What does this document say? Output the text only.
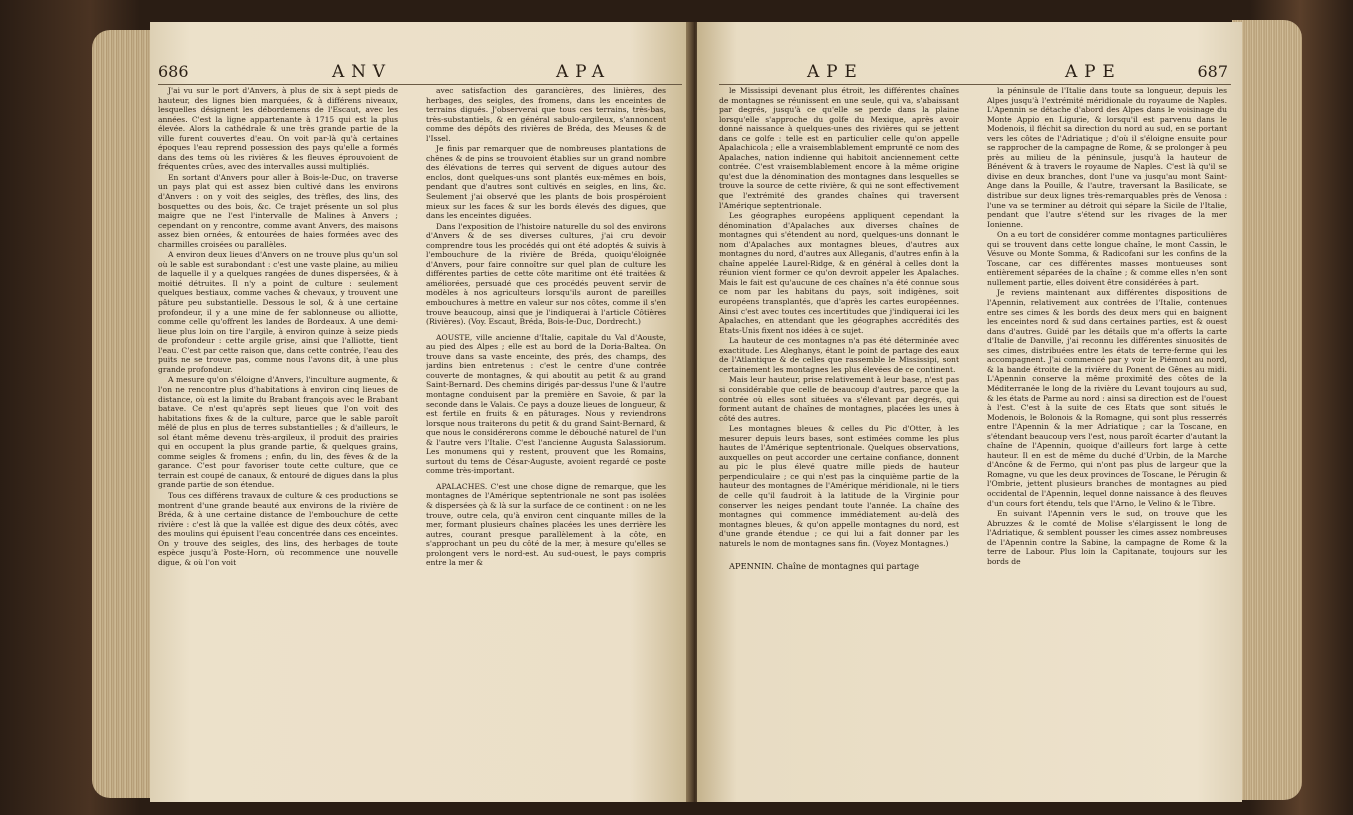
686	ANV	APA

J'ai vu sur le port d'Anvers, à plus de six à sept pieds de hauteur, des lignes bien marquées, & à différens niveaux, lesquelles désignent les débordemens de l'Escaut, avec les années. C'est la ligne appartenante à 1715 qui est la plus élevée. Alors la cathédrale & une très grande partie de la ville furent couvertes d'eau. On voit par-là qu'à certaines époques l'eau reprend possession des pays qu'elle a formés dans des tems où les rivières & les fleuves éprouvoient de fréquentes crûes, avec des intervalles aussi multipliés.

En sortant d'Anvers pour aller à Bois-le-Duc, on traverse un pays plat qui est assez bien cultivé dans les environs d'Anvers : on y voit des seigles, des trèfles, des lins, des bosquettes ou des bois, &c. Ce trajet présente un sol plus maigre que ne l'est l'intervalle de Malines à Anvers ; cependant on y rencontre, comme avant Anvers, des maisons assez bien ornées, & entourées de haies formées avec des charmilles croisées ou parallèles.

A environ deux lieues d'Anvers on ne trouve plus qu'un sol où le sable est surabondant : c'est une vaste plaine, au milieu de laquelle il y a quelques rangées de dunes dispersées, & à moitié détruites. Il n'y a point de culture : seulement quelques bestiaux, comme vaches & chevaux, y trouvent une pâture peu substantielle. Dessous le sol, & à une certaine profondeur, il y a une mine de fer sablonneuse ou alliotte, comme celle qu'offrent les landes de Bordeaux. A une demi-lieue plus loin on tire l'argile, à environ quinze à seize pieds de profondeur : cette argile grise, ainsi que l'alliotte, tient l'eau. C'est par cette raison que, dans cette contrée, l'eau des puits ne se trouve pas, comme nous l'avons dit, à une plus grande profondeur.

A mesure qu'on s'éloigne d'Anvers, l'inculture augmente, & l'on ne rencontre plus d'habitations à environ cinq lieues de distance, où est la limite du Brabant françois avec le Brabant batave. Ce n'est qu'après sept lieues que l'on voit des habitations fixes & de la culture, parce que le sable paroît mêlé de plus en plus de terres substantielles ; & d'ailleurs, le sol étant même devenu très-argileux, il produit des prairies qui en occupent la plus grande partie, & quelques grains, comme seigles & fromens ; enfin, du lin, des fèves & de la garance. C'est pour favoriser toute cette culture, que ce terrain est coupé de canaux, & entouré de digues dans la plus grande partie de son étendue.

Tous ces différens travaux de culture & ces productions se montrent d'une grande beauté aux environs de la rivière de Bréda, & à une certaine distance de l'embouchure de cette rivière : c'est là que la vallée est digue des deux côtés, avec des moulins qui épuisent l'eau concentrée dans ces enceintes. On y trouve des seigles, des lins, des herbages de toute espèce jusqu'à Poste-Horn, où recommence une nouvelle digue, & où l'on voit

avec satisfaction des garancières, des linières, des herbages, des seigles, des fromens, dans les enceintes de terrains digués. J'observerai que tous ces terrains, très-bas, très-substantiels, & en général sabulo-argileux, s'annoncent comme des dépôts des rivières de Bréda, des Meuses & de l'Issel.

Je finis par remarquer que de nombreuses plantations de chênes & de pins se trouvoient établies sur un grand nombre des élévations de terres qui servent de digues autour des enclos, dont quelques-uns sont plantés eux-mêmes en bois, pendant que d'autres sont cultivés en seigles, en lins, &c. Seulement j'ai observé que les plants de bois prospéroient mieux sur les faces & sur les bords élevés des digues, que dans les enceintes diguées.

Dans l'exposition de l'histoire naturelle du sol des environs d'Anvers & de ses diverses cultures, j'ai cru devoir comprendre tous les procédés qui ont été adoptés & suivis à l'embouchure de la rivière de Bréda, quoiqu'éloignée d'Anvers, pour faire connoître sur quel plan de culture les différentes parties de cette côte maritime ont été traitées & améliorées, persuadé que ces procédés peuvent servir de modèles à nos agriculteurs lorsqu'ils auront de pareilles embouchures à mettre en valeur sur nos côtes, comme il s'en trouve beaucoup, ainsi que je l'indiquerai à l'article Côtières (Rivières). (Voy. Escaut, Bréda, Bois-le-Duc, Dordrecht.)

AOUSTE, ville ancienne d'Italie, capitale du Val d'Aouste, au pied des Alpes ; elle est au bord de la Doria-Baltea. On trouve dans sa vaste enceinte, des prés, des champs, des jardins bien entretenus : c'est le centre d'une contrée couverte de montagnes, & qui aboutit au petit & au grand Saint-Bernard. Des chemins dirigés par-dessus l'une & l'autre montagne conduisent par la première en Savoie, & par la seconde dans le Valais. Ce pays a douze lieues de longueur, & est fertile en fruits & en pâturages. Nous y reviendrons lorsque nous traiterons du petit & du grand Saint-Bernard, & que nous le considérerons comme le débouché naturel de l'un & l'autre vers l'Italie. C'est l'ancienne Augusta Salassiorum. Les monumens qui y restent, prouvent que les Romains, surtout du tems de César-Auguste, avoient regardé ce poste comme très-important.

APALACHES. C'est une chose digne de remarque, que les montagnes de l'Amérique septentrionale ne sont pas isolées & dispersées çà & là sur la surface de ce continent : on ne les trouve, outre cela, qu'à environ cent cinquante milles de la mer, formant plusieurs chaînes placées les unes derrière les autres, courant presque parallèlement à la côte, en s'approchant un peu du côté de la mer, à mesure qu'elles se prolongent vers le nord-est. Au sud-ouest, le pays compris entre la mer &

APE	APE	687

le Mississipi devenant plus étroit, les différentes chaînes de montagnes se réunissent en une seule, qui va, s'abaissant par degrés, jusqu'à ce qu'elle se perde dans la plaine lorsqu'elle s'approche du golfe du Mexique, après avoir donné naissance à quelques-unes des rivières qui se jettent dans ce golfe : telle est en particulier celle qu'on appelle Apalachicola ; elle a vraisemblablement emprunté ce nom des Apalaches, nation indienne qui habitoit anciennement cette contrée. C'est vraisemblablement encore à la même origine qu'est due la dénomination des montagnes dans lesquelles se trouve la source de cette rivière, & qui ne sont effectivement que l'extrémité des grandes chaînes qui traversent l'Amérique septentrionale.

Les géographes européens appliquent cependant la dénomination d'Apalaches aux diverses chaînes de montagnes qui s'étendent au nord, quelques-uns donnant le nom d'Apalaches aux montagnes bleues, d'autres aux montagnes du nord, d'autres aux Alleganis, d'autres enfin à la chaîne appelée Laurel-Ridge, & en général à celles dont la réunion vient former ce qu'on devroit appeler les Apalaches. Mais le fait est qu'aucune de ces chaînes n'a été connue sous ce nom par les habitans du pays, soit indigènes, soit européens transplantés, que d'après les cartes européennes. Ainsi c'est avec toutes ces incertitudes que j'indiquerai ici les Apalaches, en attendant que les géographes accrédités des Etats-Unis fixent nos idées à ce sujet.

La hauteur de ces montagnes n'a pas été déterminée avec exactitude. Les Aleghanys, étant le point de partage des eaux de l'Atlantique & de celles que rassemble le Mississipi, sont certainement les montagnes les plus élevées de ce continent.

Mais leur hauteur, prise relativement à leur base, n'est pas si considérable que celle de beaucoup d'autres, parce que la contrée où elles sont situées va s'élevant par degrés, qui forment autant de chaînes de montagnes, placées les unes à côté des autres.

Les montagnes bleues & celles du Pic d'Otter, à les mesurer depuis leurs bases, sont estimées comme les plus hautes de l'Amérique septentrionale. Quelques observations, auxquelles on peut accorder une certaine confiance, donnent au pic le plus élevé quatre mille pieds de hauteur perpendiculaire ; ce qui n'est pas la cinquième partie de la hauteur des montagnes de l'Amérique méridionale, ni le tiers de celle qu'il faudroit à la latitude de la Virginie pour conserver les neiges pendant toute l'année. La chaîne des montagnes qui commence immédiatement au-delà des montagnes bleues, & qu'on appelle montagnes du nord, est d'une grande étendue ; ce qui lui a fait donner par les naturels le nom de montagnes sans fin. (Voyez Montagnes.)

APENNIN. Chaîne de montagnes qui partage

la péninsule de l'Italie dans toute sa longueur, depuis les Alpes jusqu'à l'extrémité méridionale du royaume de Naples. L'Apennin se détache d'abord des Alpes dans le voisinage du Monte Appio en Ligurie, & lorsqu'il est parvenu dans le Modenois, il fléchit sa direction du nord au sud, en se portant vers les côtes de l'Adriatique ; d'où il s'éloigne ensuite pour se rapprocher de la campagne de Rome, & se prolonger à peu près au milieu de la péninsule, jusqu'à la hauteur de Bénévent & à travers le royaume de Naples. C'est là qu'il se divise en deux branches, dont l'une va jusqu'au mont Saint-Ange dans la Pouille, & l'autre, traversant la Basilicate, se distribue sur deux lignes très-remarquables près de Venosa : l'une va se terminer au détroit qui sépare la Sicile de l'Italie, pendant que l'autre s'étend sur les rivages de la mer Ionienne.

On a eu tort de considérer comme montagnes particulières qui se trouvent dans cette longue chaîne, le mont Cassin, le Vésuve ou Monte Somma, & Radicofani sur les confins de la Toscane, car ces différentes masses montueuses sont entièrement séparées de la chaîne ; & comme elles n'en sont nullement partie, elles doivent être considérées à part.

Je reviens maintenant aux différentes dispositions de l'Apennin, relativement aux contrées de l'Italie, contenues entre ses cimes & les bords des deux mers qui en baignent les enceintes nord & sud dans certaines parties, est & ouest dans d'autres. Guidé par les détails que m'a offerts la carte d'Italie de Danville, j'ai reconnu les différentes sinuosités de ses cimes, distribuées entre les états de terre-ferme qui les accompagnent. J'ai commencé par y voir le Piémont au nord, & la bande étroite de la rivière du Ponent de Gênes au midi. L'Apennin conserve la même proximité des côtes de la Méditerranée le long de la rivière du Levant toujours au sud, & les états de Parme au nord : ainsi sa direction est de l'ouest à l'est. C'est à la suite de ces Etats que sont situés le Modenois, le Bolonois & la Romagne, qui sont plus resserrés entre l'Apennin & la mer Adriatique ; car la Toscane, en s'étendant beaucoup vers l'est, nous paroît écarter d'autant la chaîne de l'Apennin, quoique d'ailleurs fort large à cette hauteur. Il en est de même du duché d'Urbin, de la Marche d'Ancône & de Fermo, qui n'ont pas plus de largeur que la Romagne, vu que les deux provinces de Toscane, le Pérugin & l'Ombrie, jettent plusieurs branches de montagnes au pied occidental de l'Apennin, lequel donne naissance à des fleuves d'un cours fort étendu, tels que l'Arno, le Velino & le Tibre.

En suivant l'Apennin vers le sud, on trouve que les Abruzzes & le comté de Molise s'élargissent le long de l'Adriatique, & semblent pousser les cimes assez nombreuses de l'Apennin contre la Sabine, la campagne de Rome & la terre de Labour. Plus loin la Capitanate, toujours sur les bords de
